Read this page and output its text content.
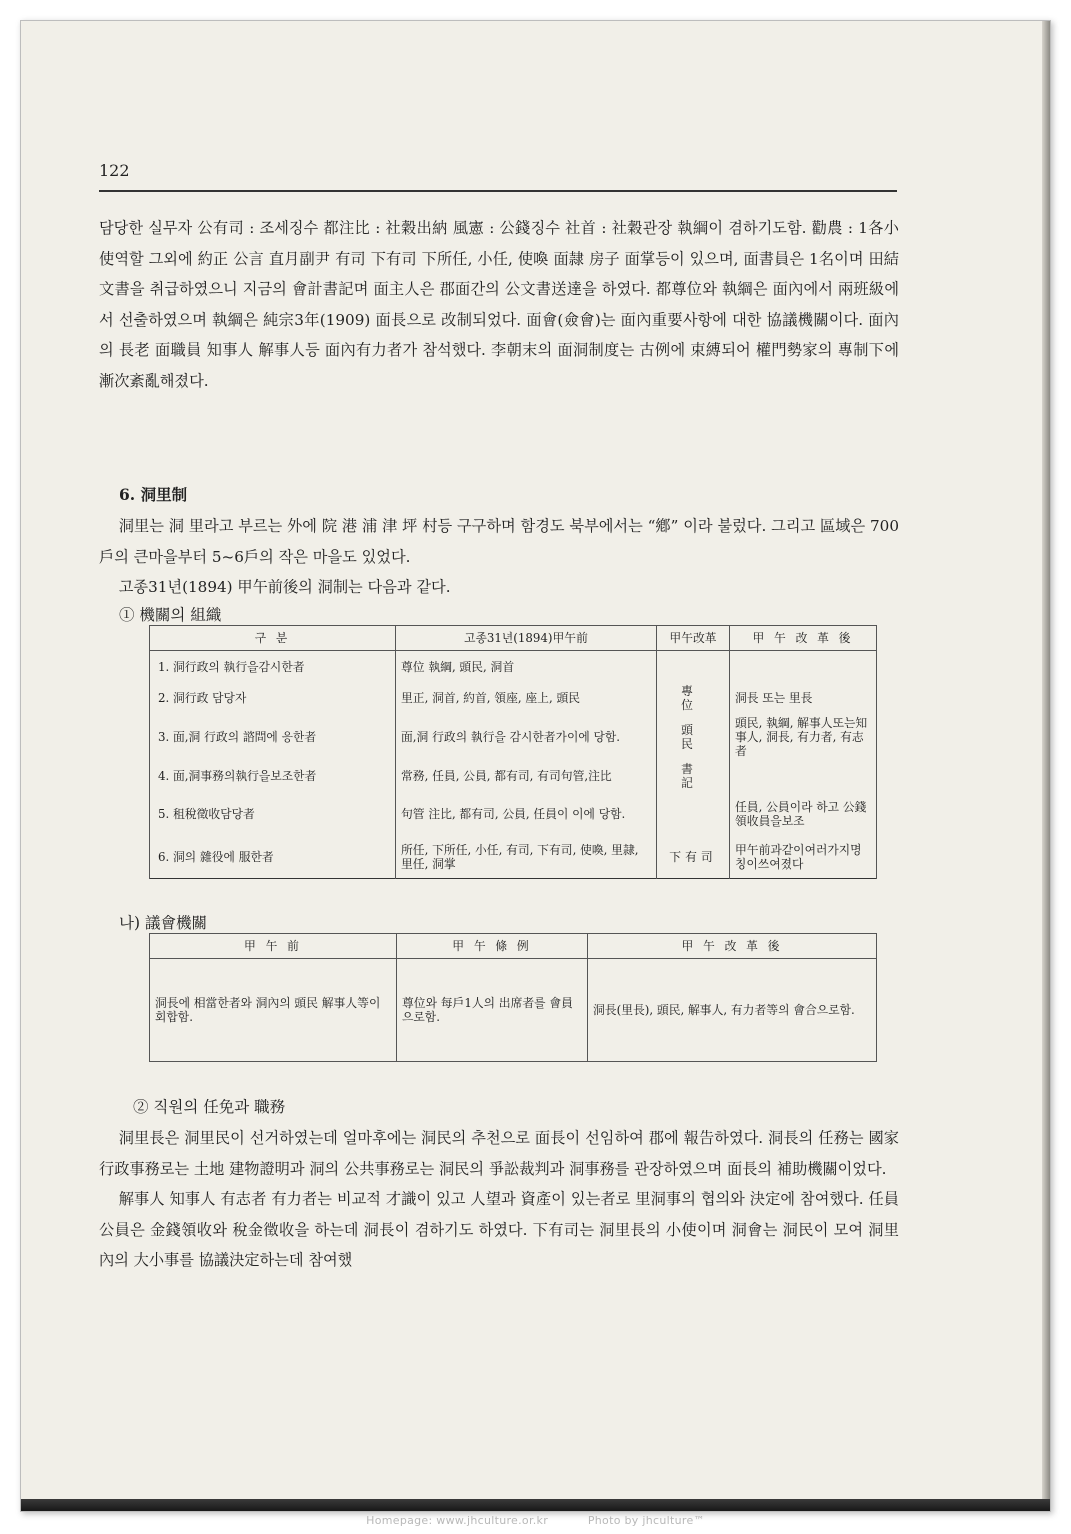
122

담당한 실무자 公有司 : 조세징수 都注比 : 社穀出納 風憲 : 公錢징수 社首 : 社穀관장 執綱이 겸하기도함. 勸農 : 1各小使역할 그외에 約正 公言 直月副尹 有司 下有司 下所任, 小任, 使喚 面隷 房子 面掌등이 있으며, 面書員은 1名이며 田結文書을 취급하였으니 지금의 會計書記며 面主人은 郡面간의 公文書送達을 하였다. 都尊位와 執綱은 面內에서 兩班級에서 선출하였으며 執綱은 純宗3年(1909) 面長으로 改制되었다. 面會(僉會)는 面內重要사항에 대한 協議機關이다. 面內의 長老 面職員 知事人 解事人등 面內有力者가 참석했다. 李朝末의 面洞制度는 古例에 束縛되어 權門勢家의 專制下에 漸次紊亂해졌다.

6. 洞里制

洞里는 洞 里라고 부르는 外에 院 港 浦 津 坪 村등 구구하며 함경도 북부에서는 “鄕” 이라 불렀다. 그리고 區域은 700戶의 큰마을부터 5~6戶의 작은 마을도 있었다.

고종31년(1894) 甲午前後의 洞制는 다음과 같다.

① 機關의 組織
구 분	고종31년(1894)甲午前	甲午改革	甲 午 改 革 後
1. 洞行政의 執行을감시한者	尊位 執綱, 頭民, 洞首		
2. 洞行政 담당자	里正, 洞首, 約首, 領座, 座上, 頭民	專 位	洞長 또는 里長
3. 面,洞 行政의 諮問에 응한者	面,洞 行政의 執行을 감시한者가이에 당함.	頭 民	頭民, 執綱, 解事人또는知事人, 洞長, 有力者, 有志者
4. 面,洞事務의執行을보조한者	常務, 任員, 公員, 都有司, 有司句管,注比	書 記	
5. 租稅徵收담당者	句管 注比, 都有司, 公員, 任員이 이에 당함.		任員, 公員이라 하고 公錢領收員을보조
6. 洞의 雜役에 服한者	所任, 下所任, 小任, 有司, 下有司, 使喚, 里隷, 里任, 洞掌	下有司	甲午前과같이여러가지명칭이쓰여졌다
나) 議會機關
甲 午 前	甲 午 條 例	甲 午 改 革 後
洞長에 相當한者와 洞內의 頭民 解事人等이 회합함.	尊位와 每戶1人의 出席者를 會員으로함.	洞長(里長), 頭民, 解事人, 有力者等의 會合으로함.
② 직원의 任免과 職務

洞里長은 洞里民이 선거하였는데 얼마후에는 洞民의 추천으로 面長이 선임하여 郡에 報告하였다. 洞長의 任務는 國家行政事務로는 土地 建物證明과 洞의 公共事務로는 洞民의 爭訟裁判과 洞事務를 관장하였으며 面長의 補助機關이었다.

解事人 知事人 有志者 有力者는 비교적 才識이 있고 人望과 資產이 있는者로 里洞事의 협의와 決定에 참여했다. 任員 公員은 金錢領收와 稅金徵收을 하는데 洞長이 겸하기도 하였다. 下有司는 洞里長의 小使이며 洞會는 洞民이 모여 洞里內의 大小事를 協議決定하는데 참여했

Homepage: www.jhculture.or.kr	Photo by jhculture™
